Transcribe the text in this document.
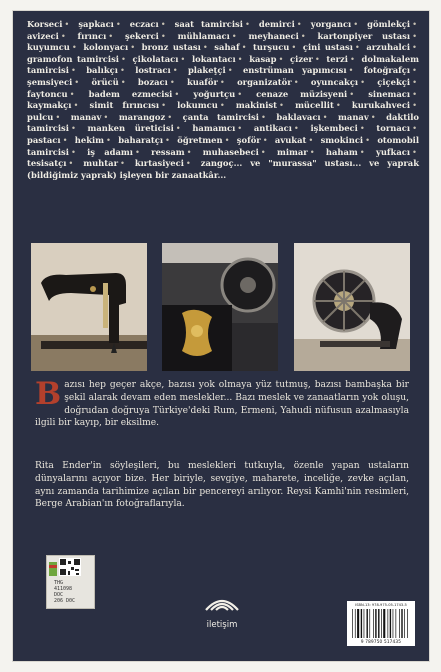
Korseci • şapkacı • eczacı • saat tamircisi • demirci • yorgancı • gömlekçi • avizeci • fırıncı • şekerci • mühlamacı • meyhaneci • kartonpiyer ustası • kuyumcu • kolonyacı • bronz ustası • sahaf • turşucu • çini ustası • arzuhalci • gramofon tamircisi • çikolatacı • lokantacı • kasap • çizer • terzi • dolmakalem tamircisi • balıkçı • lostracı • plakeţçi • enstrüman yapımcısı • fotoğrafçı • şemsiyeci • örücü • bozacı • kuaför • organizatör • oyuncakçı • çiçekçi • faytoncu • badem ezmecisi • yoğurtçu • cenaze müzisyeni • sinemacı • kaymakçı • simit fırıncısı • lokumcu • makinist • mücellit • kurukahveci • pulcu • manav • marangoz • çanta tamircisi • baklavacı • manav • daktilo tamircisi • manken üreticisi • hamamcı • antikacı • işkembeci • tornacı • pastacı • hekim • baharatçı • öğretmen • şoför • avukat • smokinci • otomobil tamircisi • iş adamı • ressam • muhasebeci • mimar • haham • yufkacı • tesisatçı • muhtar • kırtasiyeci • zangoç... ve "murassa" ustası... ve yaprak (bildiğimiz yaprak) işleyen bir zanaatkâr...
Bazısı hep geçer akçe, bazısı yok olmaya yüz tutmuş, bazısı bambaşka bir şekil alarak devam eden meslekler... Bazı meslek ve zanaatların yok oluşu, doğrudan doğruya Türkiye'deki Rum, Ermeni, Yahudi nüfusun azalmasıyla ilgili bir kayıp, bir eksilme.
Rita Ender'in söyleşileri, bu meslekleri tutkuyla, özenle yapan ustaların dünyalarını açıyor bize. Her biriyle, sevgiye, maharete, inceliğe, zevke açılan, aynı zamanda tarihimize açılan bir pencereyi arılıyor. Reysi Kamhi'nin resimleri, Berge Arabian'ın fotoğraflarıyla.
THG
411098
DOC
206 D0C
iletişim
ISBN-13: 978-975-05-1743-5
9 789750 517435
